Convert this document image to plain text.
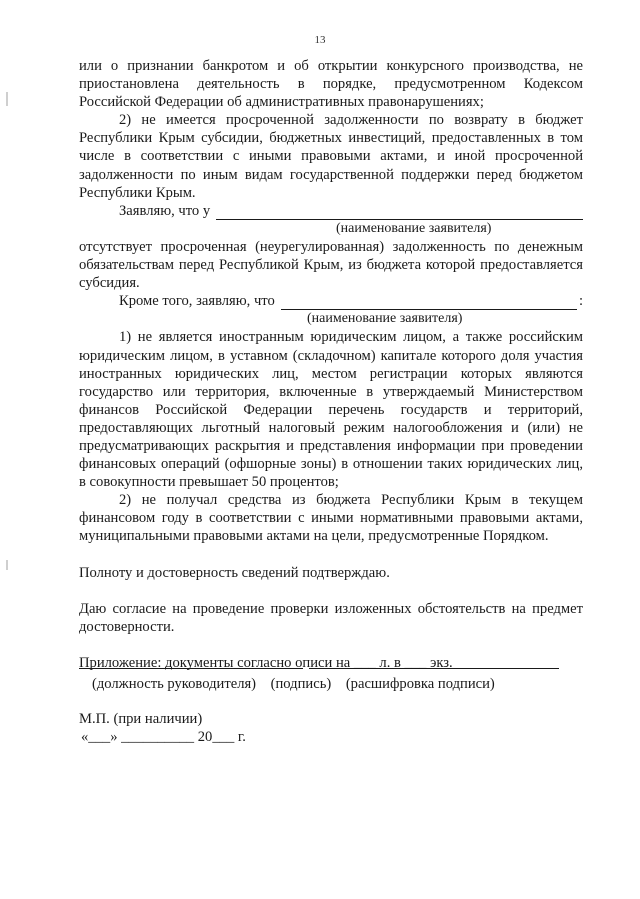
13

или о признании банкротом и об открытии конкурсного производства, не приостановлена деятельность в порядке, предусмотренном Кодексом Российской Федерации об административных правонарушениях;

2) не имеется просроченной задолженности по возврату в бюджет Республики Крым субсидии, бюджетных инвестиций, предоставленных в том числе в соответствии с иными правовыми актами, и иной просроченной задолженности по иным видам государственной поддержки перед бюджетом Республики Крым.

Заявляю, что у
(наименование заявителя)

отсутствует просроченная (неурегулированная) задолженность по денежным обязательствам перед Республикой Крым, из бюджета которой предоставляется субсидия.

Кроме того, заявляю, что	:
(наименование заявителя)

1) не является иностранным юридическим лицом, а также российским юридическим лицом, в уставном (складочном) капитале которого доля участия иностранных юридических лиц, местом регистрации которых являются государство или территория, включенные в утверждаемый Министерством финансов Российской Федерации перечень государств и территорий, предоставляющих льготный налоговый режим налогообложения и (или) не предусматривающих раскрытия и представления информации при проведении финансовых операций (офшорные зоны) в отношении таких юридических лиц, в совокупности превышает 50 процентов;

2) не получал средства из бюджета Республики Крым в текущем финансовом году в соответствии с иными нормативными правовыми актами, муниципальными правовыми актами на цели, предусмотренные Порядком.

Полноту и достоверность сведений подтверждаю.

Даю согласие на проведение проверки изложенных обстоятельств на предмет достоверности.

Приложение: документы согласно описи на ___ л. в ___ экз.

(должность руководителя)    (подпись)    (расшифровка подписи)
М.П. (при наличии)
«___» __________ 20___ г.
